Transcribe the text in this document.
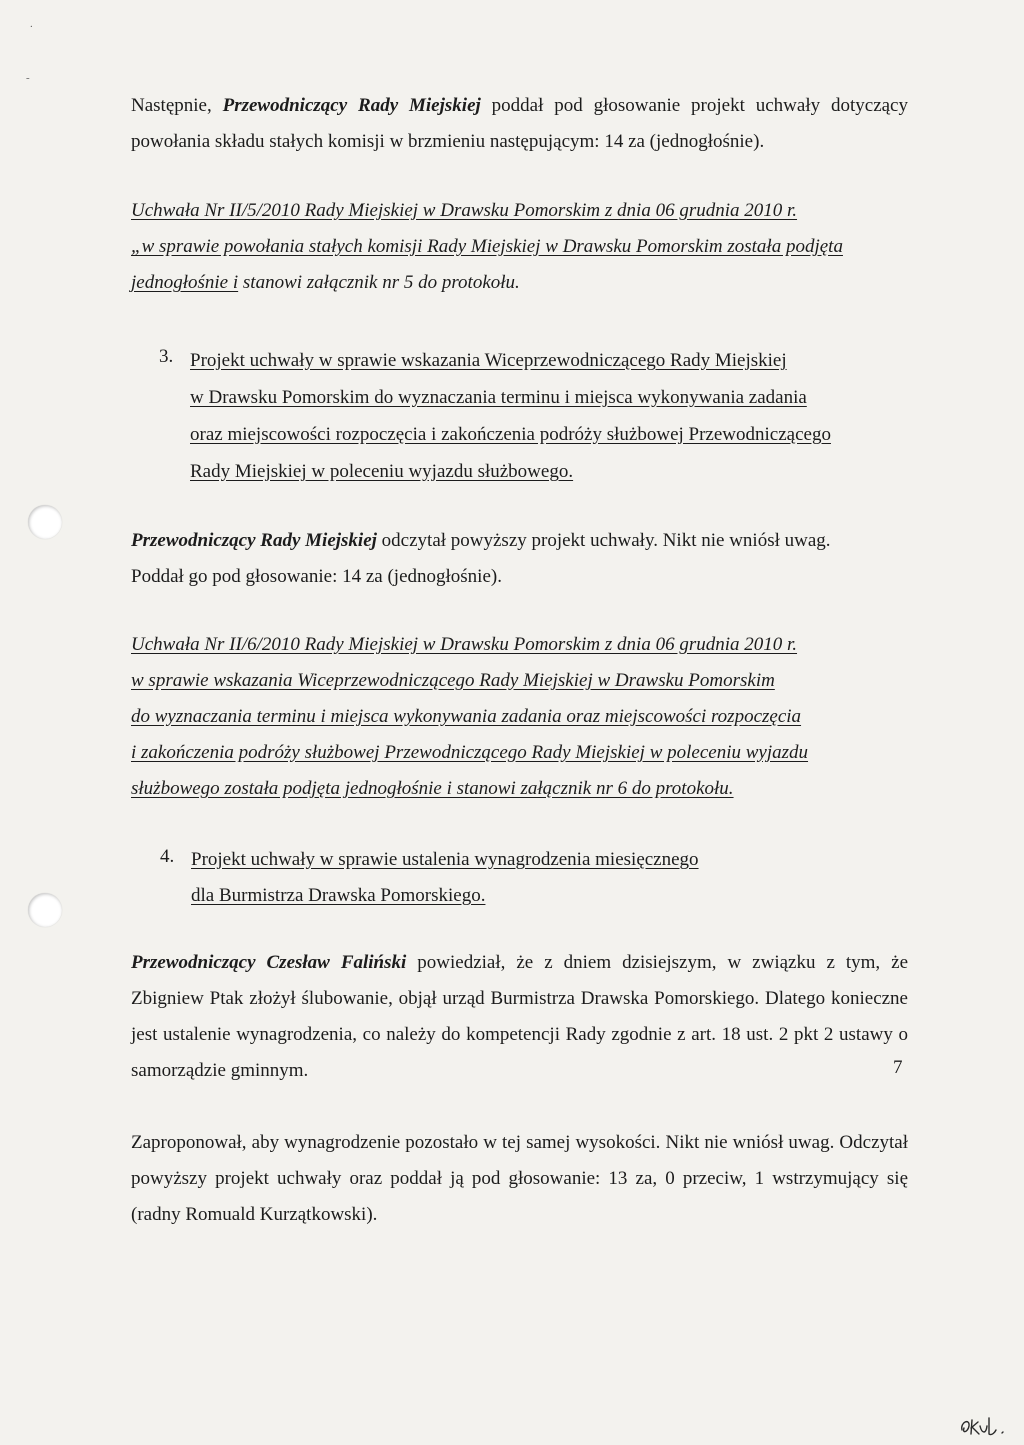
.
-

Następnie, Przewodniczący Rady Miejskiej poddał pod głosowanie projekt uchwały dotyczący powołania składu stałych komisji w brzmieniu następującym: 14 za (jednogłośnie).

Uchwała Nr II/5/2010 Rady Miejskiej w Drawsku Pomorskim z dnia 06 grudnia 2010 r.
„w sprawie powołania stałych komisji Rady Miejskiej w Drawsku Pomorskim została podjęta
jednogłośnie i stanowi załącznik nr 5 do protokołu.
3. Projekt uchwały w sprawie wskazania Wiceprzewodniczącego Rady Miejskiej
w Drawsku Pomorskim do wyznaczania terminu i miejsca wykonywania zadania
oraz miejscowości rozpoczęcia i zakończenia podróży służbowej Przewodniczącego
Rady Miejskiej w poleceniu wyjazdu służbowego.
Przewodniczący Rady Miejskiej odczytał powyższy projekt uchwały. Nikt nie wniósł uwag.
Poddał go pod głosowanie: 14 za (jednogłośnie).
Uchwała Nr II/6/2010 Rady Miejskiej w Drawsku Pomorskim z dnia 06 grudnia 2010 r.
w sprawie wskazania Wiceprzewodniczącego Rady Miejskiej w Drawsku Pomorskim
do wyznaczania terminu i miejsca wykonywania zadania oraz miejscowości rozpoczęcia
i zakończenia podróży służbowej Przewodniczącego Rady Miejskiej w poleceniu wyjazdu
służbowego została podjęta jednogłośnie i stanowi załącznik nr 6 do protokołu.
4. Projekt uchwały w sprawie ustalenia wynagrodzenia miesięcznego
dla Burmistrza Drawska Pomorskiego.

Przewodniczący Czesław Faliński powiedział, że z dniem dzisiejszym, w związku z tym, że Zbigniew Ptak złożył ślubowanie, objął urząd Burmistrza Drawska Pomorskiego. Dlatego konieczne jest ustalenie wynagrodzenia, co należy do kompetencji Rady zgodnie z art. 18 ust. 2 pkt 2 ustawy o samorządzie gminnym.

Zaproponował, aby wynagrodzenie pozostało w tej samej wysokości. Nikt nie wniósł uwag. Odczytał powyższy projekt uchwały oraz poddał ją pod głosowanie: 13 za, 0 przeciw, 1 wstrzymujący się (radny Romuald Kurzątkowski).

7
